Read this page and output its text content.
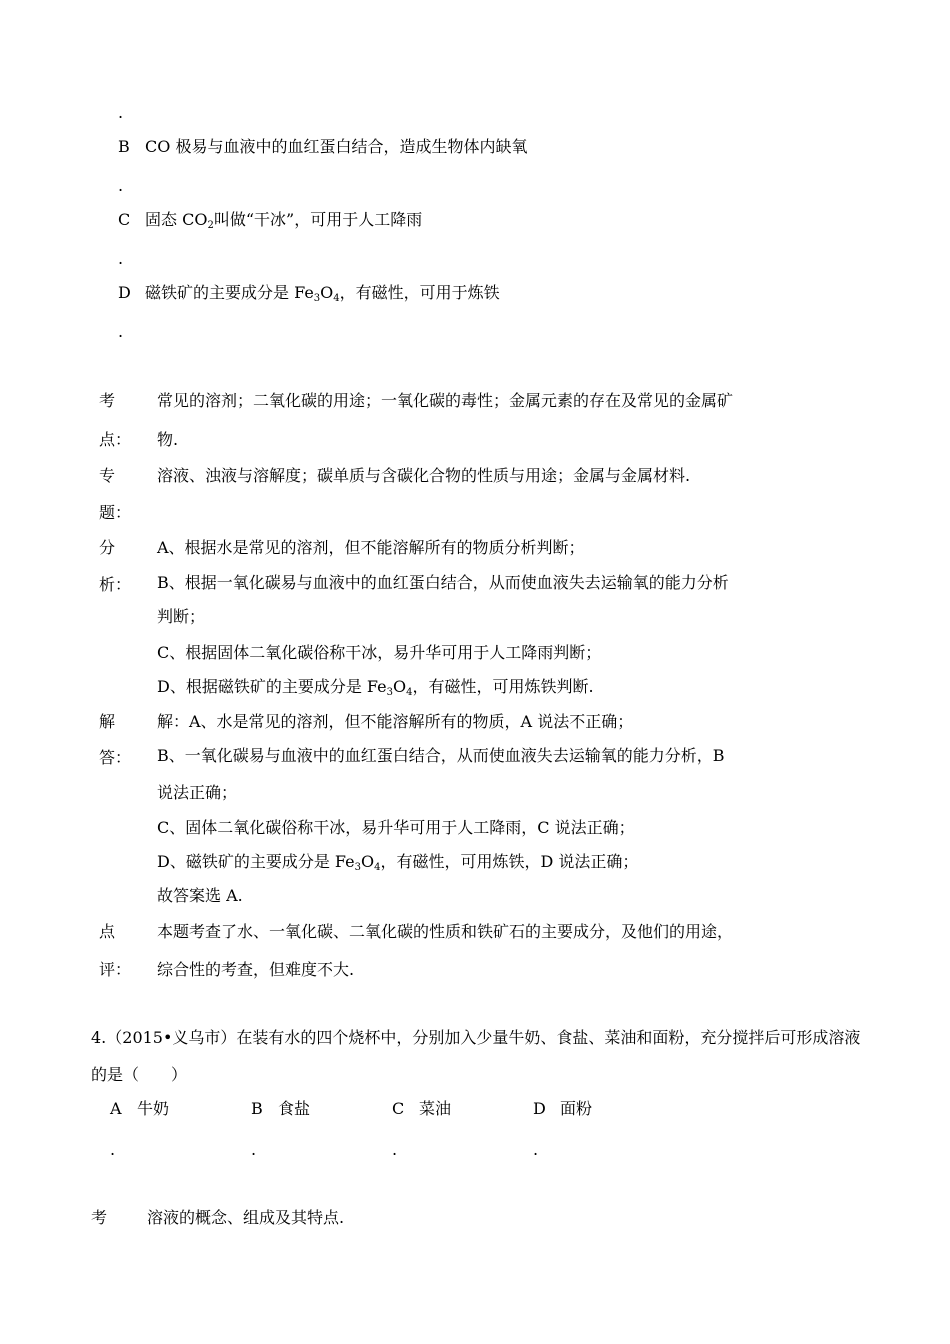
.
B CO 极易与血液中的血红蛋白结合，造成生物体内缺氧
.
C 固态 $CO_2$叫做“干冰”，可用于人工降雨
.
D 磁铁矿的主要成分是 $Fe_3O_4$，有磁性，可用于炼铁
.
考
点：
常见的溶剂；二氧化碳的用途；一氧化碳的毒性；金属元素的存在及常见的金属矿
物.
专
题：
溶液、浊液与溶解度；碳单质与含碳化合物的性质与用途；金属与金属材料.
分
析：
A、根据水是常见的溶剂，但不能溶解所有的物质分析判断；
B、根据一氧化碳易与血液中的血红蛋白结合，从而使血液失去运输氧的能力分析
判断；
C、根据固体二氧化碳俗称干冰，易升华可用于人工降雨判断；
D、根据磁铁矿的主要成分是 $Fe_3O_4$，有磁性，可用炼铁判断.
解
答：
解：A、水是常见的溶剂，但不能溶解所有的物质，A 说法不正确；
B、一氧化碳易与血液中的血红蛋白结合，从而使血液失去运输氧的能力分析，B
说法正确；
C、固体二氧化碳俗称干冰，易升华可用于人工降雨，C 说法正确；
D、磁铁矿的主要成分是 $Fe_3O_4$，有磁性，可用炼铁，D 说法正确；
故答案选 A.
点
评：
本题考查了水、一氧化碳、二氧化碳的性质和铁矿石的主要成分，及他们的用途，
综合性的考查，但难度不大.
4.（2015•义乌市）在装有水的四个烧杯中，分别加入少量牛奶、食盐、菜油和面粉，充分搅拌后可形成溶液
的是（　　）
A 牛奶
.
B 食盐
.
C 菜油
.
D 面粉
.
考 溶液的概念、组成及其特点.
